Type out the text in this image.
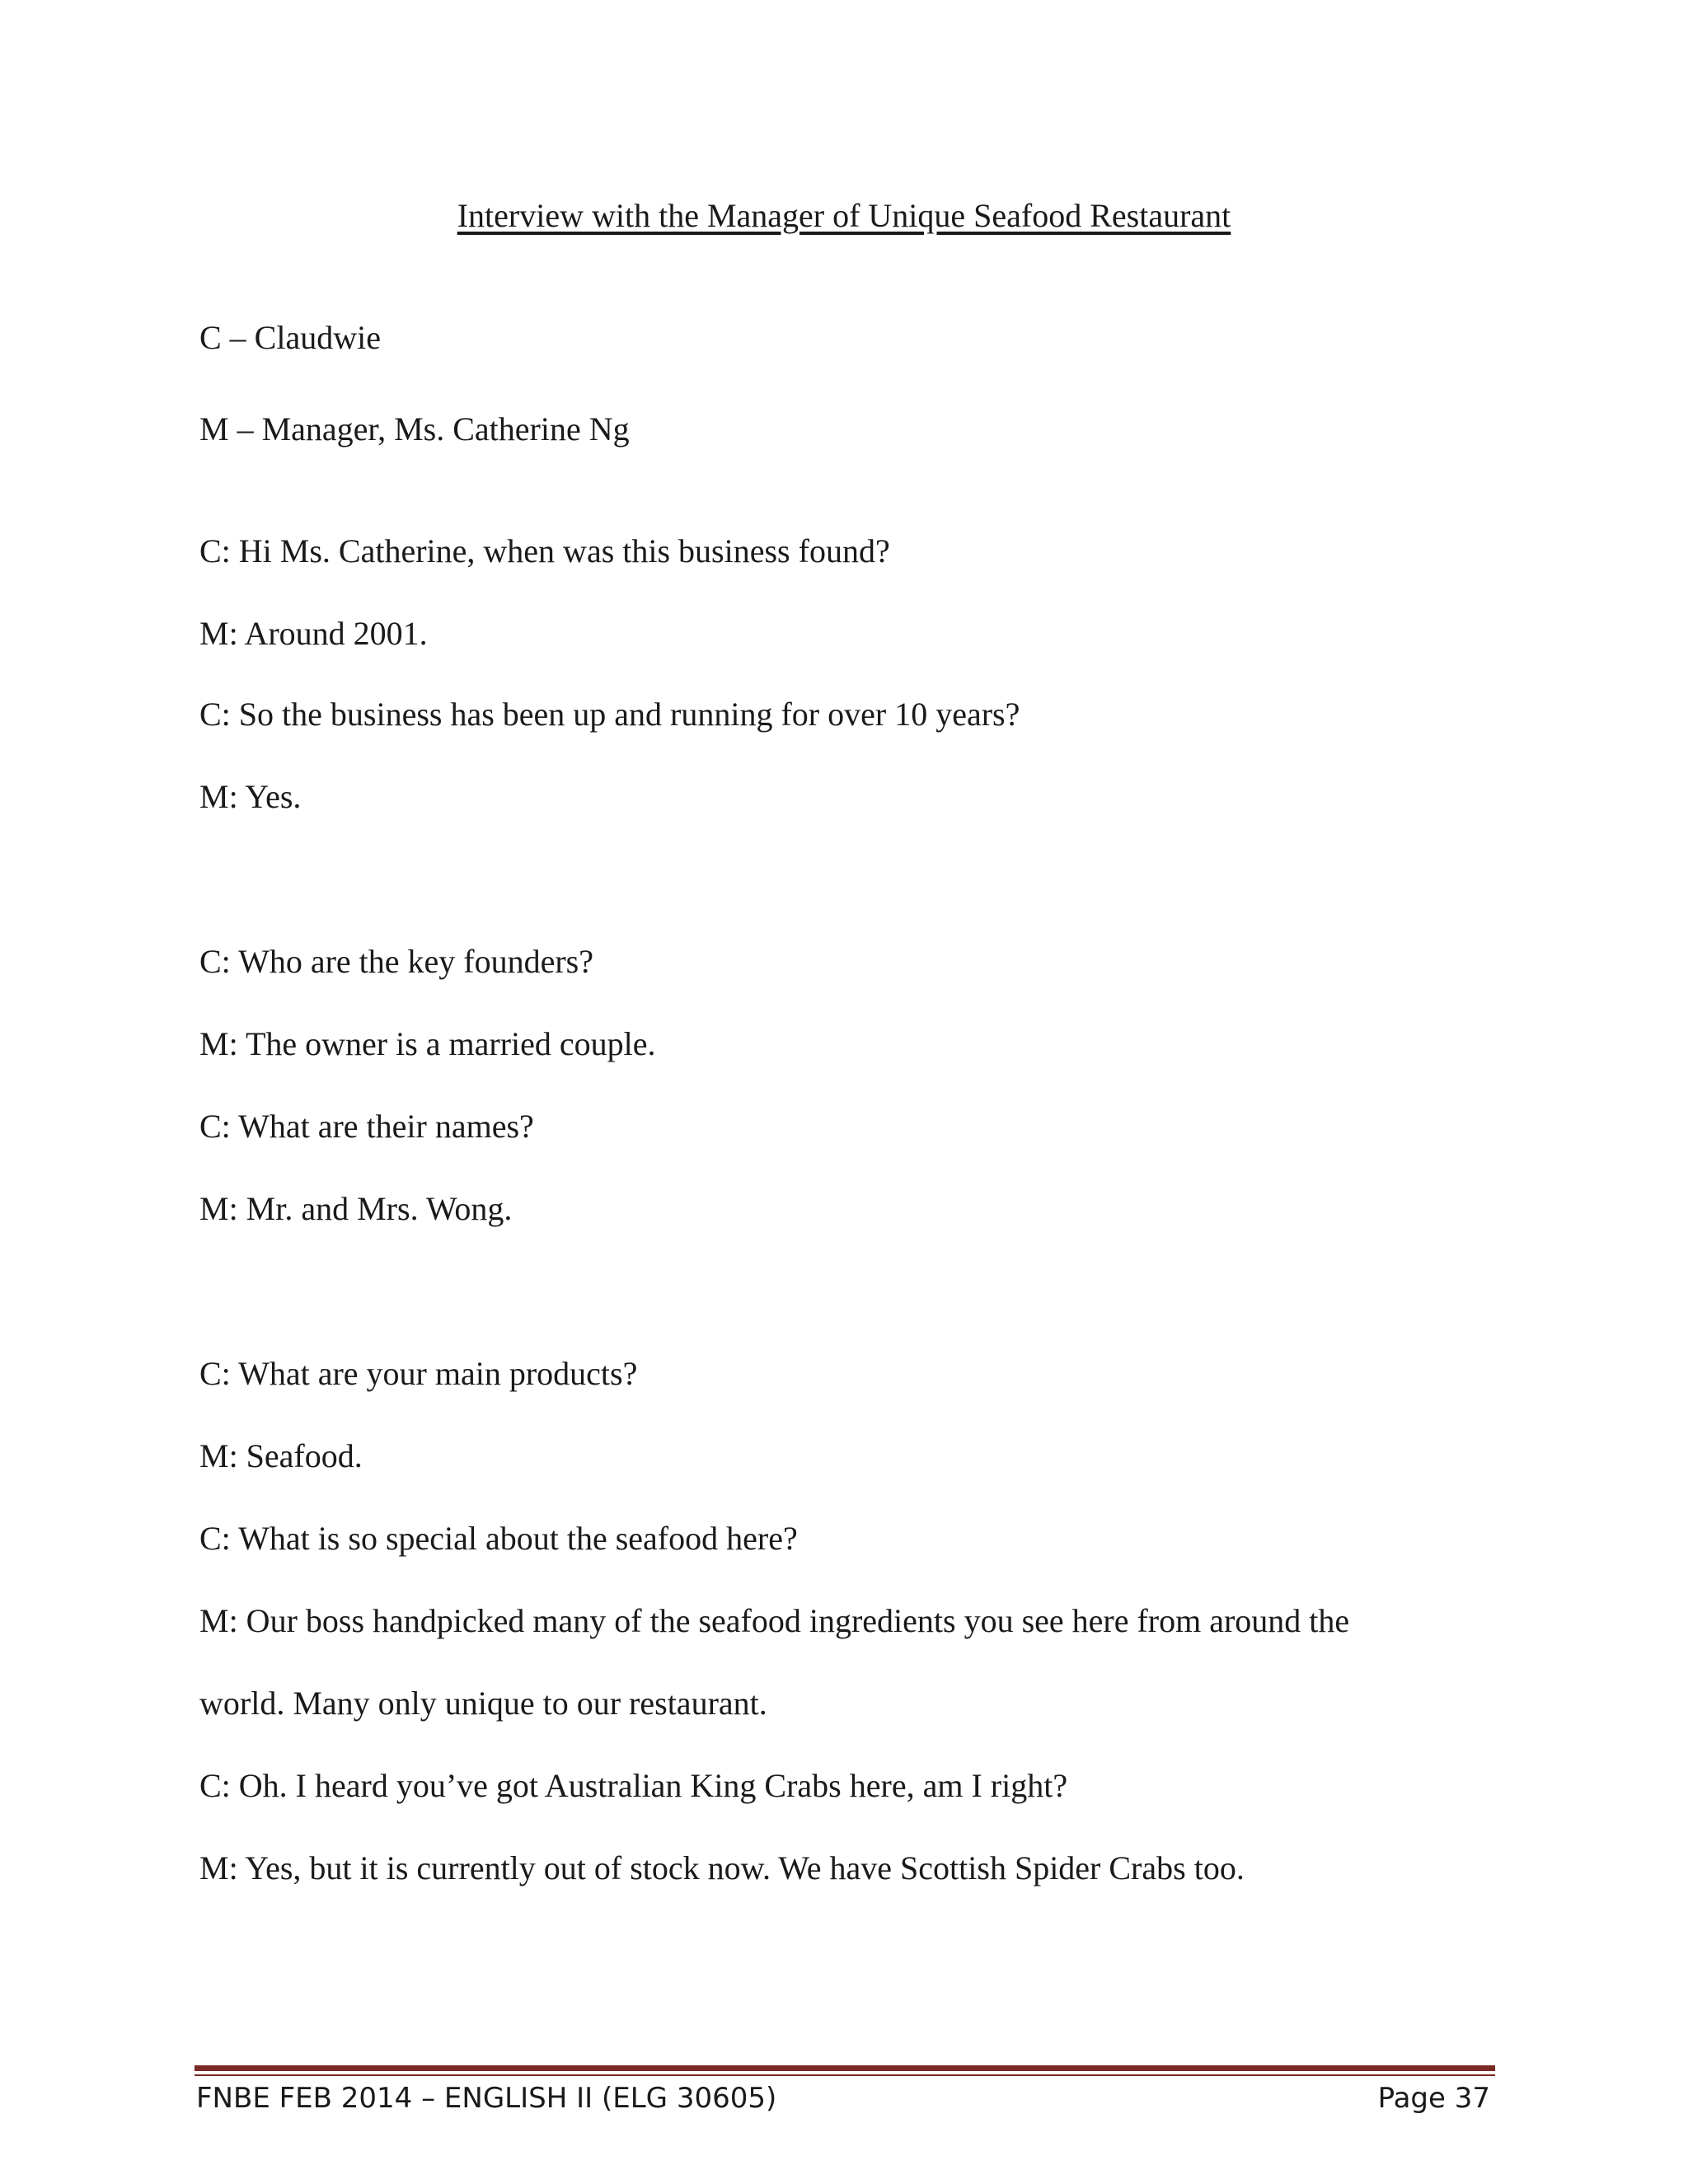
Interview with the Manager of Unique Seafood Restaurant
C – Claudwie
M – Manager, Ms. Catherine Ng
C: Hi Ms. Catherine, when was this business found?
M: Around 2001.
C: So the business has been up and running for over 10 years?
M: Yes.
C: Who are the key founders?
M: The owner is a married couple.
C: What are their names?
M: Mr. and Mrs. Wong.
C: What are your main products?
M: Seafood.
C: What is so special about the seafood here?
M: Our boss handpicked many of the seafood ingredients you see here from around the
world. Many only unique to our restaurant.
C: Oh. I heard you’ve got Australian King Crabs here, am I right?
M: Yes, but it is currently out of stock now. We have Scottish Spider Crabs too.
FNBE FEB 2014 – ENGLISH II (ELG 30605)	Page 37
